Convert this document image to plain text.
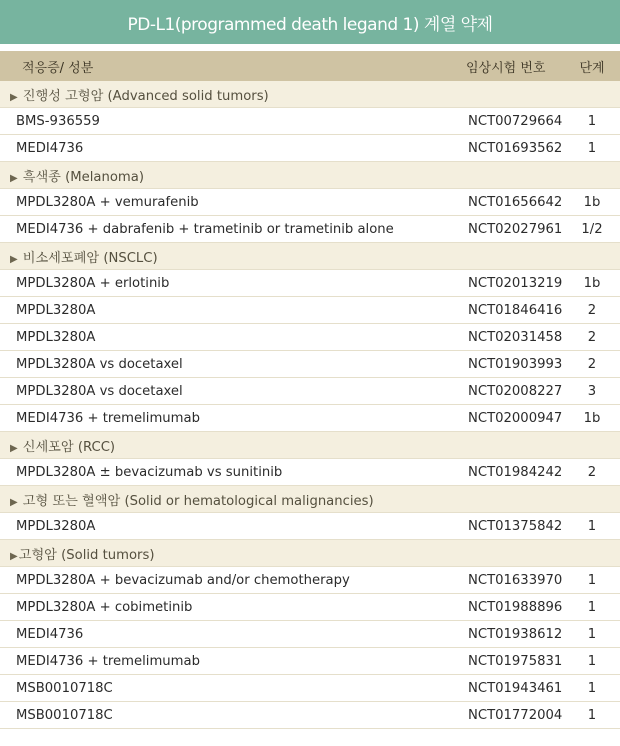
PD-L1(programmed death legand 1) 계열 약제
적응증/ 성분	임상시험 번호	단계
▶ 진행성 고형암 (Advanced solid tumors)
BMS-936559	NCT00729664	1
MEDI4736	NCT01693562	1
▶ 흑색종 (Melanoma)
MPDL3280A + vemurafenib	NCT01656642	1b
MEDI4736 + dabrafenib + trametinib or trametinib alone	NCT02027961	1/2
▶ 비소세포폐암 (NSCLC)
MPDL3280A + erlotinib	NCT02013219	1b
MPDL3280A	NCT01846416	2
MPDL3280A	NCT02031458	2
MPDL3280A vs docetaxel	NCT01903993	2
MPDL3280A vs docetaxel	NCT02008227	3
MEDI4736 + tremelimumab	NCT02000947	1b
▶ 신세포암 (RCC)
MPDL3280A ± bevacizumab vs sunitinib	NCT01984242	2
▶ 고형 또는 혈액암 (Solid or hematological malignancies)
MPDL3280A	NCT01375842	1
▶고형암 (Solid tumors)
MPDL3280A + bevacizumab and/or chemotherapy	NCT01633970	1
MPDL3280A + cobimetinib	NCT01988896	1
MEDI4736	NCT01938612	1
MEDI4736 + tremelimumab	NCT01975831	1
MSB0010718C	NCT01943461	1
MSB0010718C	NCT01772004	1
